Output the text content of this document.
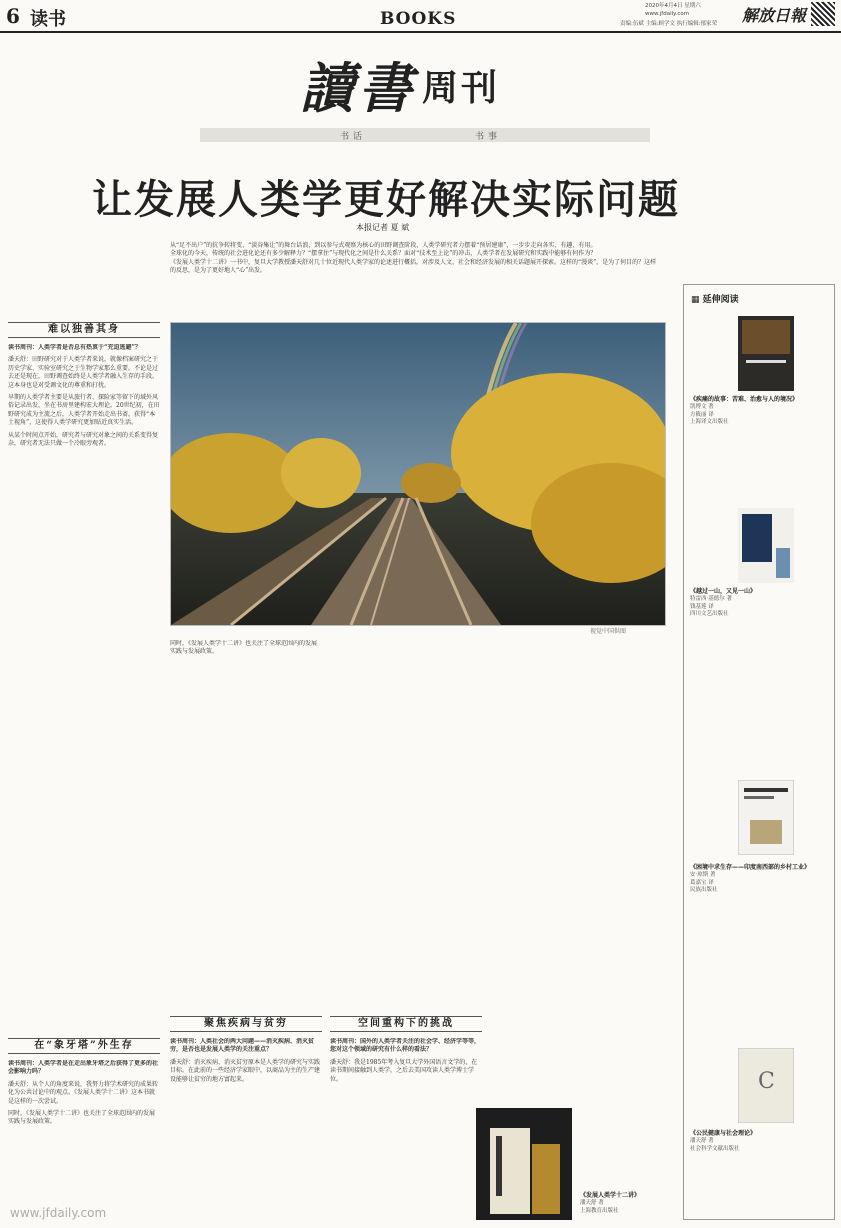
6 读书	BOOKS
2020年4月4日 星期六
www.jfdaily.com
责编:伍斌 主编:顾学文 执行编辑:郁家荣 解放日報
讀書 周刊
书话	书事
让发展人类学更好解决实际问题
本报记者 夏 斌
从“足不出户”的抗争转将变、“淡谷集让”的舞台话浪，到以参与式观察为核心的田野调查阶段，人类学研究者力摆着“预居建康”，一步步走向各实、有趣、有用。
全球化的今天，传统的社会进化论还有多少解释力？“摆拿住”与现代化之间是什么关系？面对“技术至上论”的冲击，人类学者在发展研究和实践中能够有何作为？
《发展人类学十二讲》一书中，复旦大学教授潘天舒对几十位近现代人类学家的论述进行概括，对涉及人文、社会和经济发展的相关话题展开探索。这样的“漫谈”，是为了何目的？这样的反思，是为了更好地人“心”出发。
视觉中国供图
难以独善其身

读书周刊：人类学者是否总有热衷于“充迫逃避”？

潘天舒：田野研究对于人类学者来说，就像档案研究之于历史学家、实验室研究之于生物学家那么重要。不论是过去还是现在，田野调查始终是人类学者融入生存的手段。这本身也是对受调文化的尊重和打扰。

早期的人类学者主要是从旅行者、探险家等留下的域外风俗记录出发，坐在书房里建构宏大理论。20世纪初，在田野研究成为主流之后，人类学者开始走出书斋，获得“本土视角”，这使得人类学研究更加贴近真实生活。

从某个时间点开始，研究者与研究对象之间的关系变得复杂，研究者无法只做一个冷眼旁观者。

在“象牙塔”外生存

读书周刊：人类学者是在走出象牙塔之后获得了更多的社会影响力吗？

潘天舒：从个人的角度来说，我努力将学术研究的成果转化为公共讨论中的观点。《发展人类学十二讲》这本书就是这样的一次尝试。

同时，《发展人类学十二讲》也关注了全球范围内的发展实践与发展政策。

同时，《发展人类学十二讲》也关注了全球范围内的发展实践与发展政策。

聚焦疾病与贫穷

读书周刊：人类社会的两大问题——消灭疾病、消灭贫穷，是否也是发展人类学的关注重点？

潘天舒：消灭疾病、消灭贫穷原本是人类学的研究与实践目标。在此前的一些经济学家眼中，以商品为主的生产建设能够让贫穷的地方富起来。

空间重构下的挑战

读书周刊：国外的人类学者关注的社会学、经济学等等，您对这个领域的研究有什么样的看法？

潘天舒：我是1985年考入复旦大学外国语言文学的，在读书期间接触到人类学，之后去美国攻读人类学博士学位。

《发展人类学十二讲》
潘天舒 著
上海教育出版社
▦ 延伸阅读
《疾痛的故事：苦难、治愈与人的境况》
凯博文 著
方筱丽 译
上海译文出版社
《越过一山，又见一山》
特雷西·基德尔 著
钱基莲 译
四川文艺出版社
《困境中求生存——印度南西部的乡村工业》
安·琼斯 著
葛嘉宝 译
民族出版社
C
《公民健康与社会理论》
潘天舒 著
社会科学文献出版社
www.jfdaily.com
